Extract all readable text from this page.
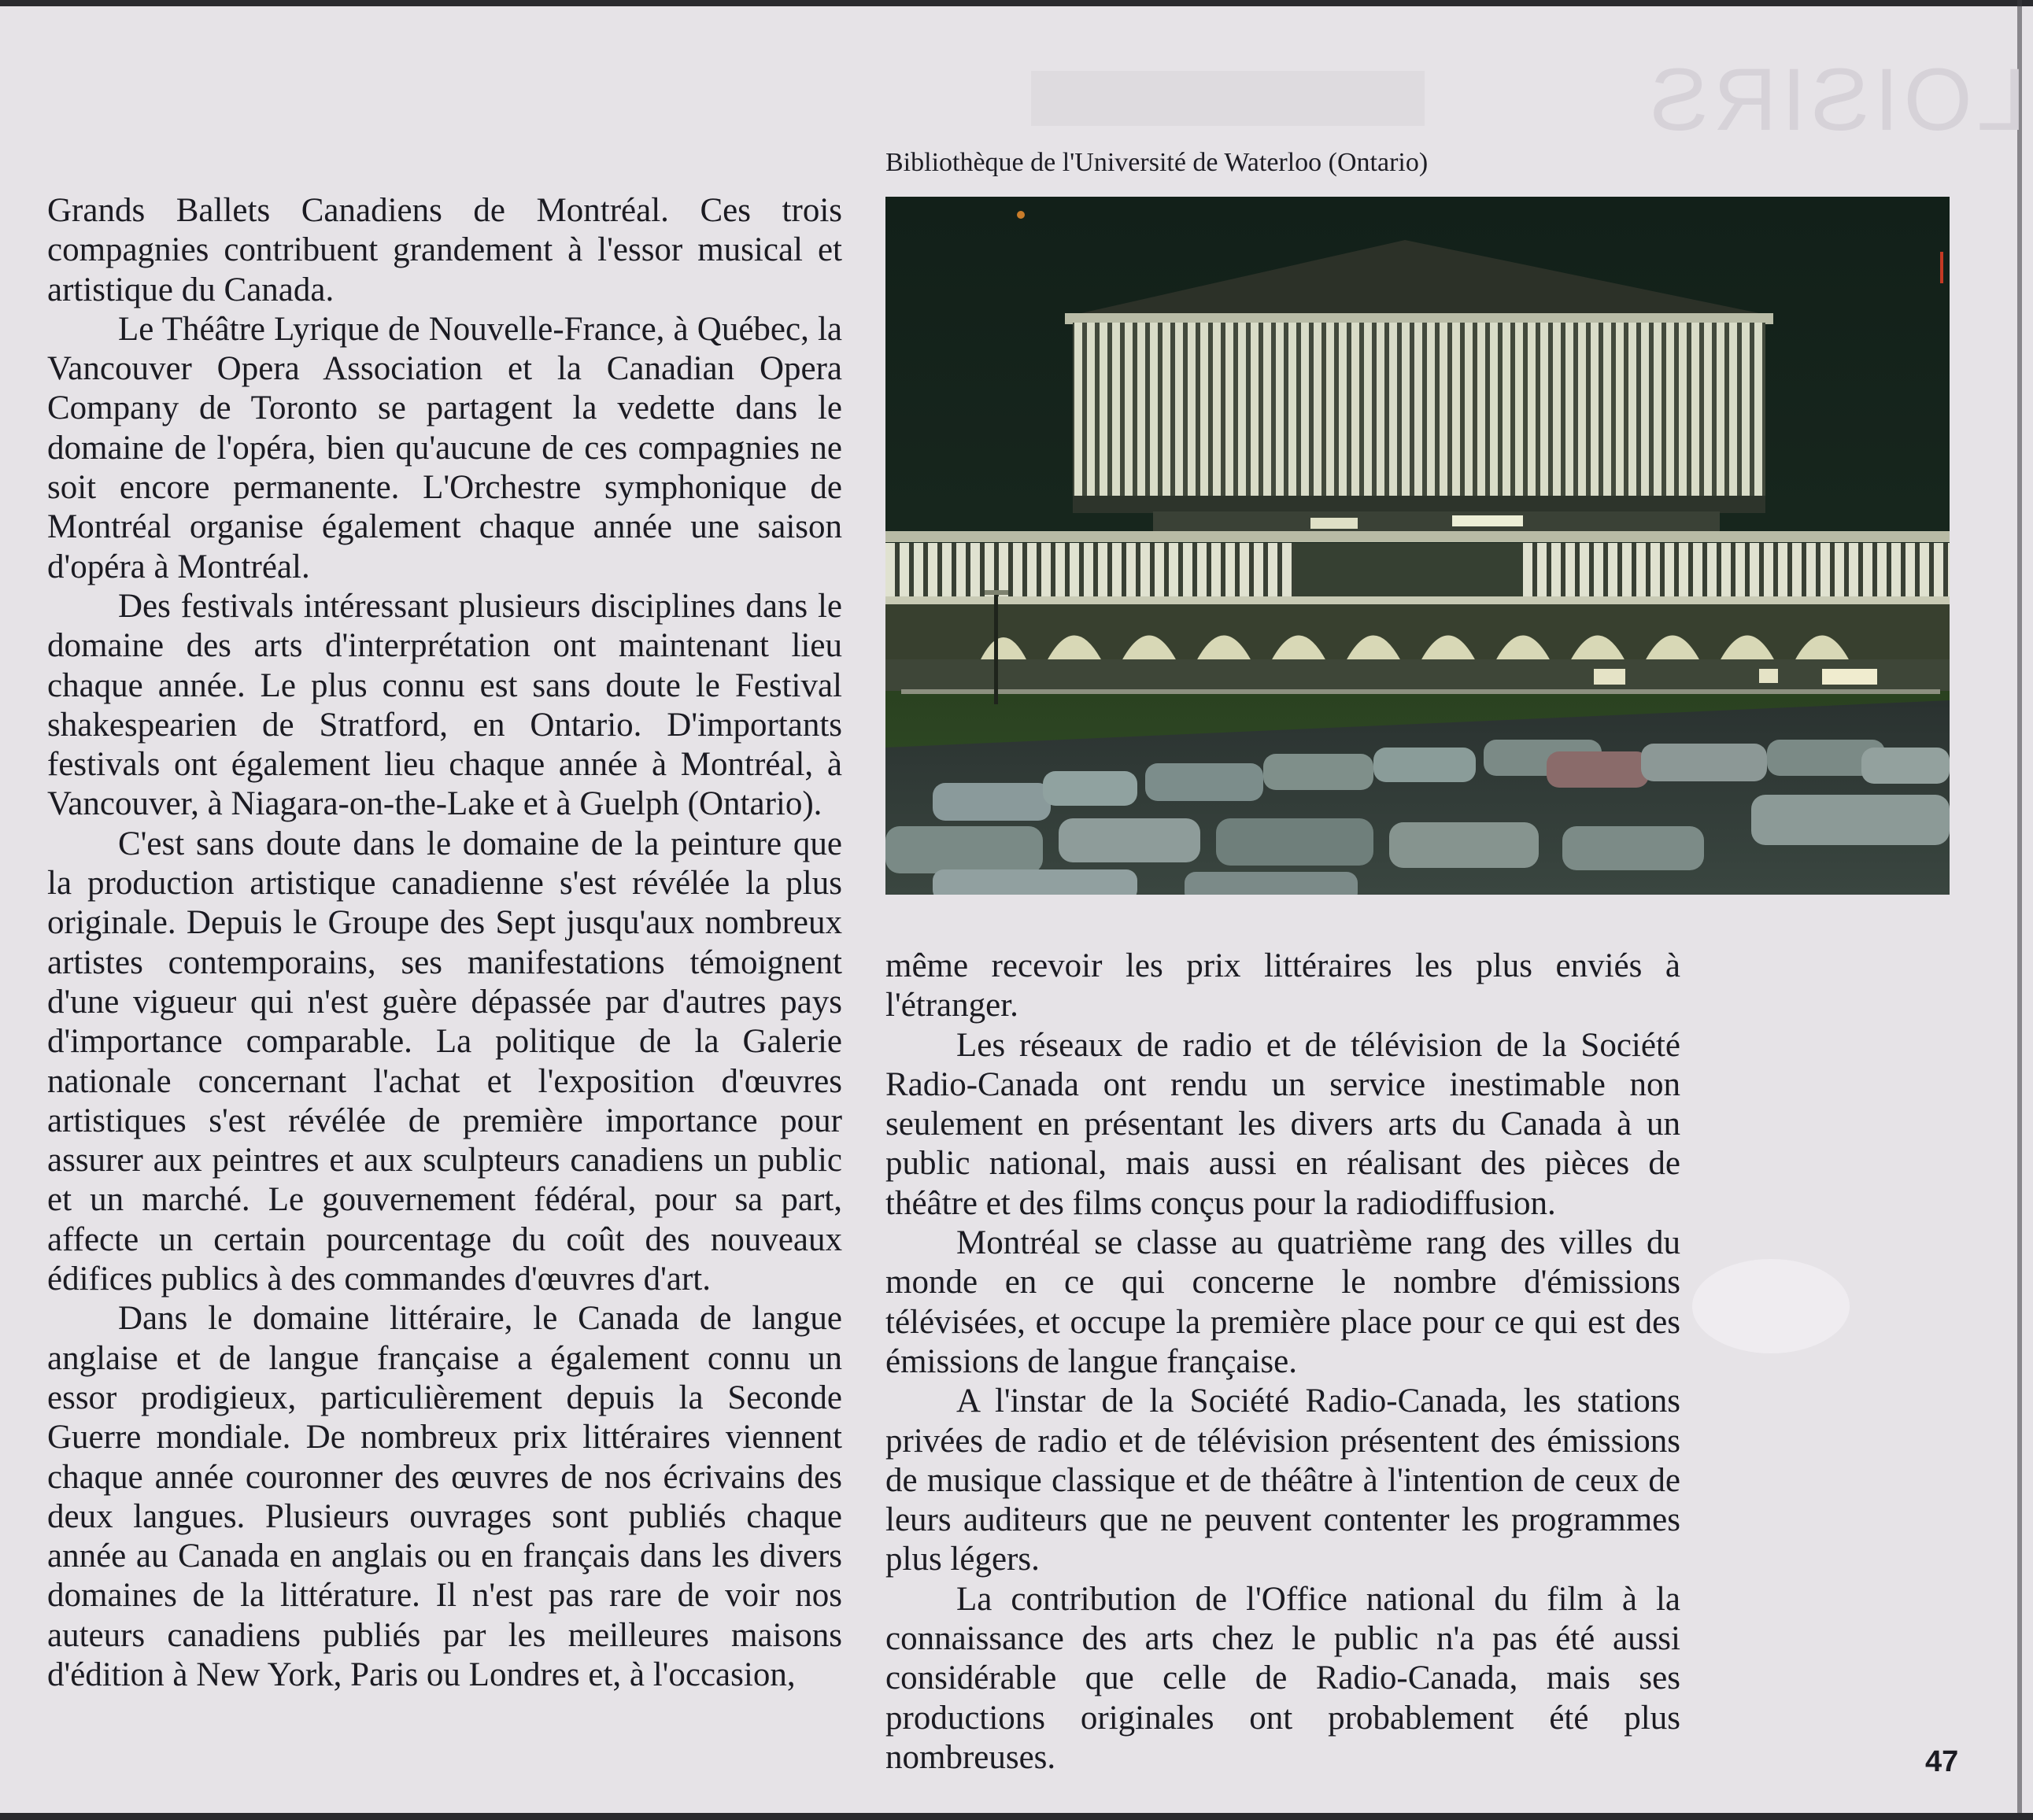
LOISIRS
Bibliothèque de l'Université de Waterloo (Ontario)

Grands Ballets Canadiens de Montréal. Ces trois compagnies contribuent grandement à l'essor musical et artistique du Canada.

Le Théâtre Lyrique de Nouvelle-France, à Québec, la Vancouver Opera Association et la Canadian Opera Company de Toronto se partagent la vedette dans le domaine de l'opéra, bien qu'aucune de ces compagnies ne soit encore permanente. L'Orchestre symphonique de Montréal organise également chaque année une saison d'opéra à Montréal.

Des festivals intéressant plusieurs disciplines dans le domaine des arts d'interprétation ont maintenant lieu chaque année. Le plus connu est sans doute le Festival shakespearien de Stratford, en Ontario. D'importants festivals ont également lieu chaque année à Montréal, à Vancouver, à Niagara-on-the-Lake et à Guelph (Ontario).

C'est sans doute dans le domaine de la peinture que la production artistique canadienne s'est révélée la plus originale. Depuis le Groupe des Sept jusqu'aux nombreux artistes contemporains, ses manifestations témoignent d'une vigueur qui n'est guère dépassée par d'autres pays d'importance comparable. La politique de la Galerie nationale concernant l'achat et l'exposition d'œuvres artistiques s'est révélée de première importance pour assurer aux peintres et aux sculpteurs canadiens un public et un marché. Le gouvernement fédéral, pour sa part, affecte un certain pourcentage du coût des nouveaux édifices publics à des commandes d'œuvres d'art.

Dans le domaine littéraire, le Canada de langue anglaise et de langue française a également connu un essor prodigieux, particulièrement depuis la Seconde Guerre mondiale. De nombreux prix littéraires viennent chaque année couronner des œuvres de nos écrivains des deux langues. Plusieurs ouvrages sont publiés chaque année au Canada en anglais ou en français dans les divers domaines de la littérature. Il n'est pas rare de voir nos auteurs canadiens publiés par les meilleures maisons d'édition à New York, Paris ou Londres et, à l'occasion,

même recevoir les prix littéraires les plus enviés à l'étranger.

Les réseaux de radio et de télévision de la Société Radio-Canada ont rendu un service inestimable non seulement en présentant les divers arts du Canada à un public national, mais aussi en réalisant des pièces de théâtre et des films conçus pour la radiodiffusion.

Montréal se classe au quatrième rang des villes du monde en ce qui concerne le nombre d'émissions télévisées, et occupe la première place pour ce qui est des émissions de langue française.

A l'instar de la Société Radio-Canada, les stations privées de radio et de télévision présentent des émissions de musique classique et de théâtre à l'intention de ceux de leurs auditeurs que ne peuvent contenter les programmes plus légers.

La contribution de l'Office national du film à la connaissance des arts chez le public n'a pas été aussi considérable que celle de Radio-Canada, mais ses productions originales ont probablement été plus nombreuses.	47
